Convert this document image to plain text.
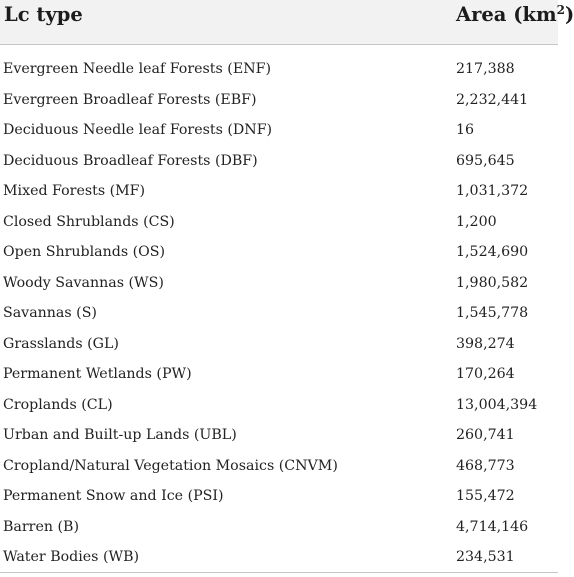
Lc type	Area $(km^2)$
Evergreen Needle leaf Forests (ENF)	217,388
Evergreen Broadleaf Forests (EBF)	2,232,441
Deciduous Needle leaf Forests (DNF)	16
Deciduous Broadleaf Forests (DBF)	695,645
Mixed Forests (MF)	1,031,372
Closed Shrublands (CS)	1,200
Open Shrublands (OS)	1,524,690
Woody Savannas (WS)	1,980,582
Savannas (S)	1,545,778
Grasslands (GL)	398,274
Permanent Wetlands (PW)	170,264
Croplands (CL)	13,004,394
Urban and Built-up Lands (UBL)	260,741
Cropland/Natural Vegetation Mosaics (CNVM)	468,773
Permanent Snow and Ice (PSI)	155,472
Barren (B)	4,714,146
Water Bodies (WB)	234,531
